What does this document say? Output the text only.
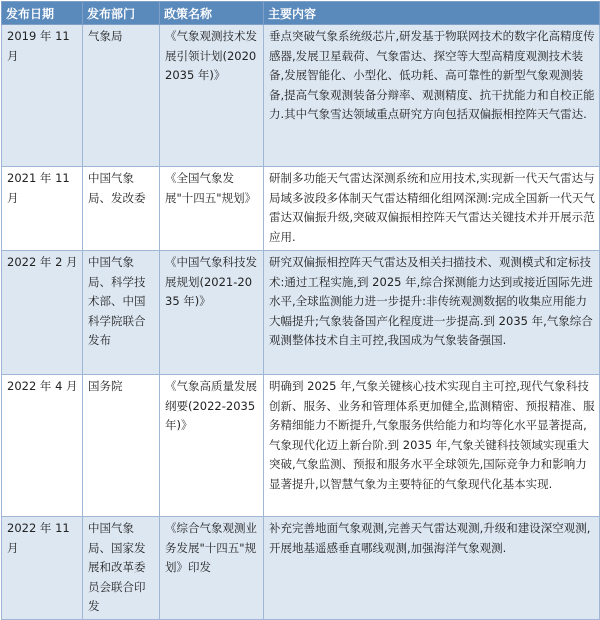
发布日期	发布部门	政策名称	主要内容
2019 年 11 月	气象局	《气象观测技术发展引领计划(20202035 年)》	垂点突破气象系统级芯片,研发基于物联网技术的数字化高精度传感器,发展卫星载荷、气象雷达、探空等大型高精度观测技术装备,发展智能化、小型化、低功耗、高可靠性的新型气象观测装备,提高气象观测装备分辩率、观测精度、抗干扰能力和自校正能力.其中气象雪达领域重点研究方向包括双偏振相控阵天气雷达.
2021 年 11 月	中国气象局、发改委	《全国气象发展"十四五"规划》	研制多功能天气雷达深测系统和应用技术,实现新一代天气雷达与局域多波段多体制天气雷达精细化组网深测:完成全国新一代天气雷达双偏振升级,突破双偏振相控阵天气雷达关键技术并开展示范应用.
2022 年 2 月	中国气象局、科学技术部、中国科学院联合发布	《中国气象科技发展规划(2021-2035 年)》	研究双偏振相控阵天气雷达及相关扫描技术、观测模式和定标技术:通过工程实施,到 2025 年,综合探测能力达到或接近国际先进水平,全球监测能力进一步提升:非传统观测数据的收集应用能力大幅提升;气象装备国产化程度进一步提高.到 2035 年,气象综合观测整体技术自主可控,我国成为气象装备强国.
2022 年 4 月	国务院	《气象高质量发展纲要(2022-2035 年)》	明确到 2025 年,气象关键核心技术实现自主可控,现代气象科技创新、服务、业务和管理体系更加健全,监测精密、预报精准、服务精细能力不断提升,气象服务供给能力和均等化水平显著提高,气象现代化迈上新台阶.到 2035 年,气象关键科技领域实现重大突破,气象监测、预报和服务水平全球领先,国际竞争力和影响力显著提升,以智慧气象为主要特征的气象现代化基本实现.
2022 年 11 月	中国气象局、国家发展和改革委员会联合印发	《综合气象观测业务发展"十四五"规划》印发	补充完善地面气象观测,完善天气雷达观测,升级和建设深空观测,开展地基遥感垂直哪线观测,加强海洋气象观测.
